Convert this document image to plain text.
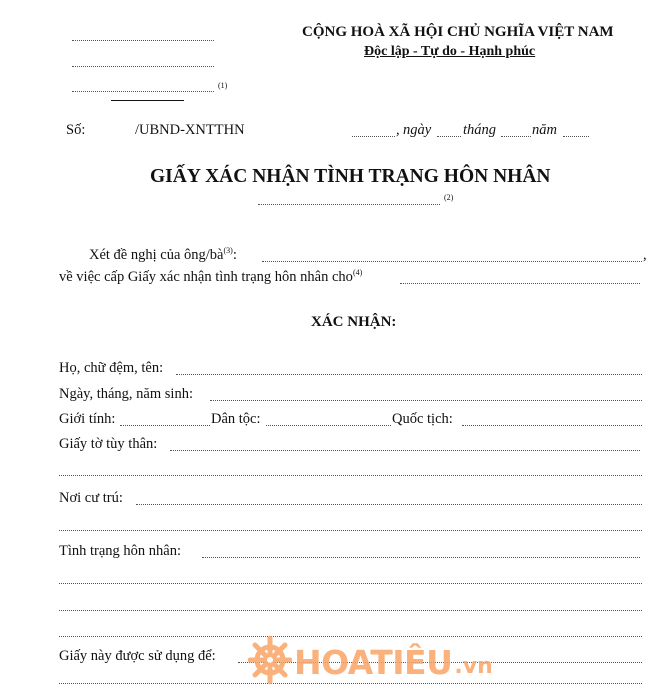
(1)
CỘNG HOÀ XÃ HỘI CHỦ NGHĨA VIỆT NAM
Độc lập - Tự do - Hạnh phúc
Số:	/UBND-XNTTHN	, ngày tháng năm
GIẤY XÁC NHẬN TÌNH TRẠNG HÔN NHÂN
(2)
Xét đề nghị của ông/$bà^{(3)}$:	,
về việc cấp Giấy xác nhận tình trạng hôn nhân cho$^{(4)}$
XÁC NHẬN:
Họ, chữ đệm, tên:
Ngày, tháng, năm sinh:
Giới tính:	Dân tộc:	Quốc tịch:
Giấy tờ tùy thân:
Nơi cư trú:
Tình trạng hôn nhân:
Giấy này được sử dụng để: HOATIÊU .vn
